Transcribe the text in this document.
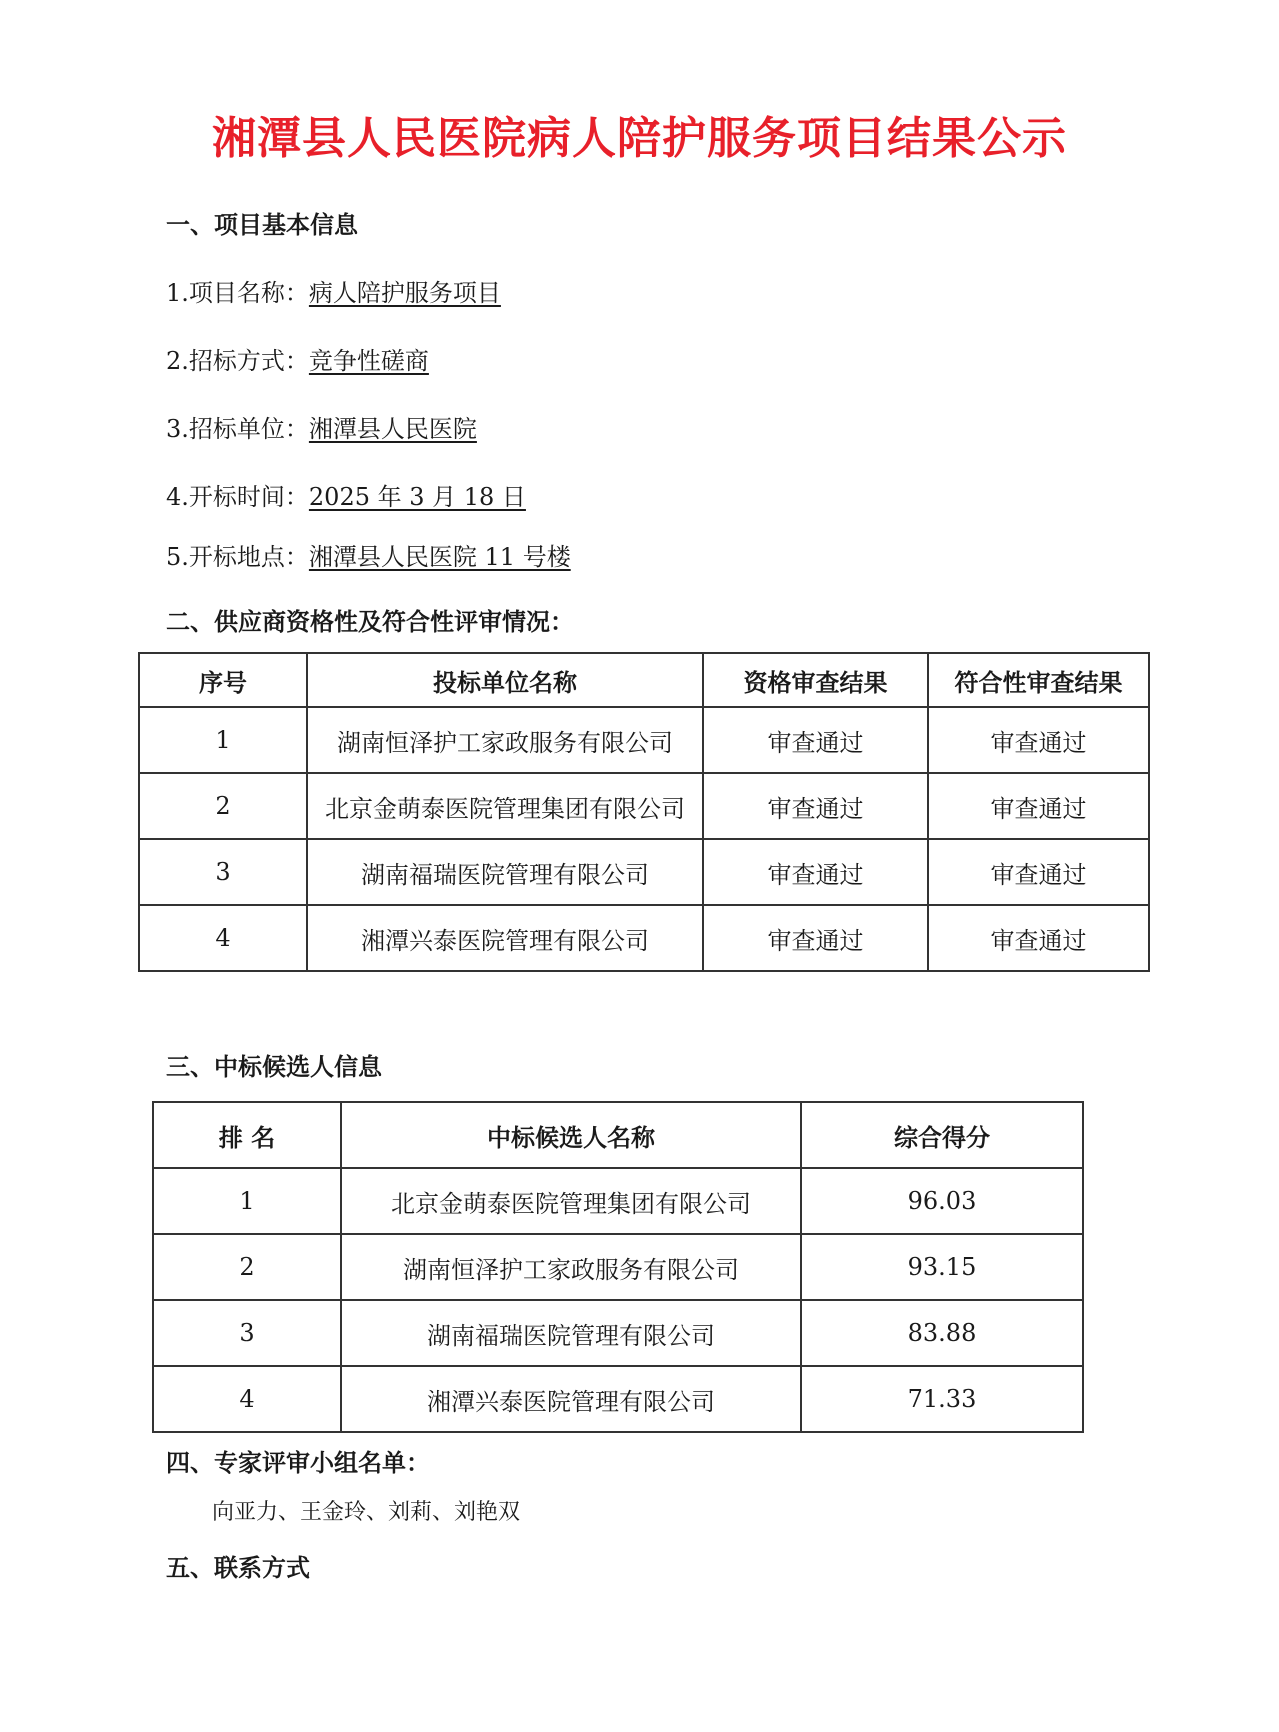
湘潭县人民医院病人陪护服务项目结果公示
一、项目基本信息
1.项目名称：病人陪护服务项目
2.招标方式：竞争性磋商
3.招标单位：湘潭县人民医院
4.开标时间：2025 年 3 月 18 日
5.开标地点：湘潭县人民医院 11 号楼
二、供应商资格性及符合性评审情况：
序号	投标单位名称	资格审查结果	符合性审查结果
1	湖南恒泽护工家政服务有限公司	审查通过	审查通过
2	北京金萌泰医院管理集团有限公司	审查通过	审查通过
3	湖南福瑞医院管理有限公司	审查通过	审查通过
4	湘潭兴泰医院管理有限公司	审查通过	审查通过
三、中标候选人信息
排 名	中标候选人名称	综合得分
1	北京金萌泰医院管理集团有限公司	96.03
2	湖南恒泽护工家政服务有限公司	93.15
3	湖南福瑞医院管理有限公司	83.88
4	湘潭兴泰医院管理有限公司	71.33
四、专家评审小组名单：
向亚力、王金玲、刘莉、刘艳双
五、联系方式
